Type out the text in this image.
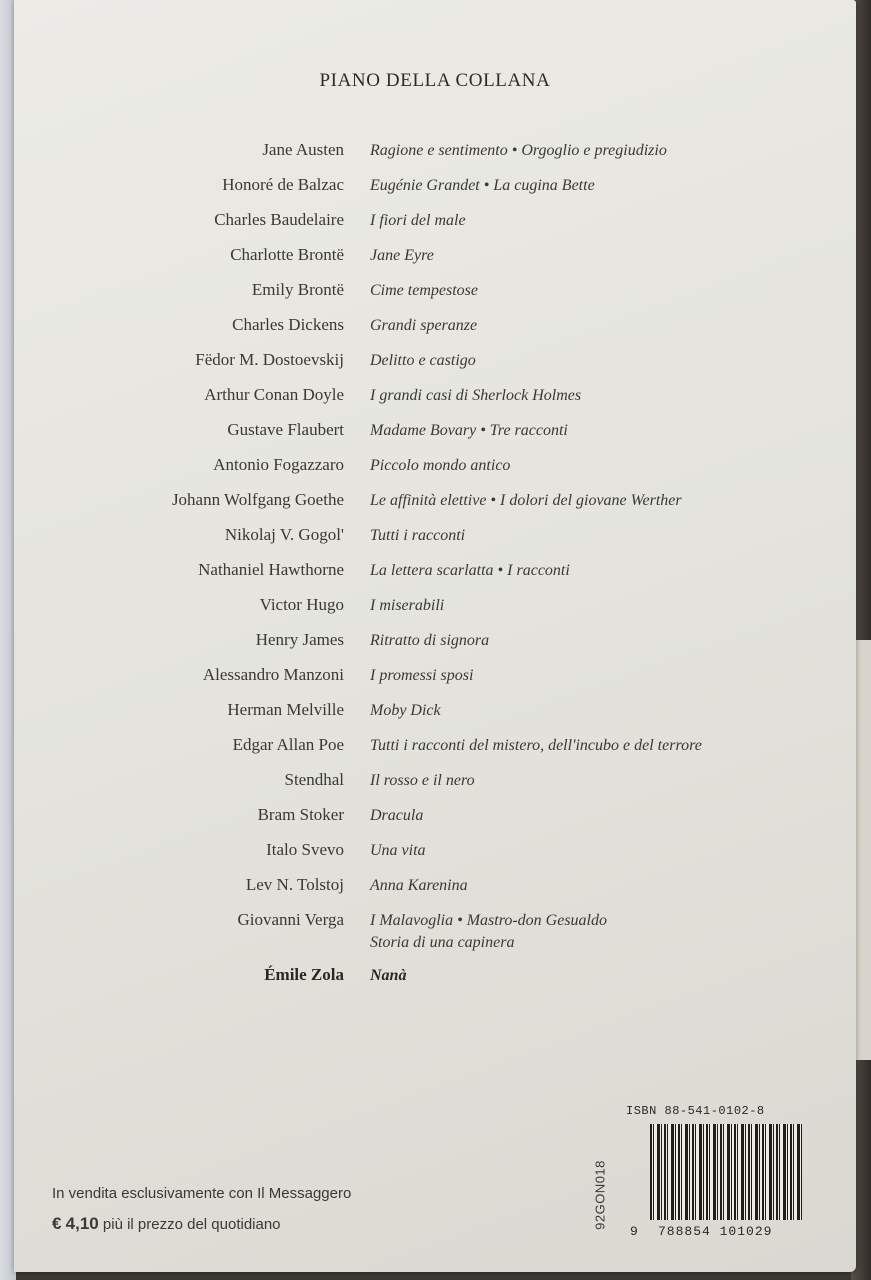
PIANO DELLA COLLANA
Jane Austen Ragione e sentimento • Orgoglio e pregiudizio
Honoré de Balzac Eugénie Grandet • La cugina Bette
Charles Baudelaire I fiori del male
Charlotte Brontë Jane Eyre
Emily Brontë Cime tempestose
Charles Dickens Grandi speranze
Fëdor M. Dostoevskij Delitto e castigo
Arthur Conan Doyle I grandi casi di Sherlock Holmes
Gustave Flaubert Madame Bovary • Tre racconti
Antonio Fogazzaro Piccolo mondo antico
Johann Wolfgang Goethe Le affinità elettive • I dolori del giovane Werther
Nikolaj V. Gogol' Tutti i racconti
Nathaniel Hawthorne La lettera scarlatta • I racconti
Victor Hugo I miserabili
Henry James Ritratto di signora
Alessandro Manzoni I promessi sposi
Herman Melville Moby Dick
Edgar Allan Poe Tutti i racconti del mistero, dell'incubo e del terrore
Stendhal Il rosso e il nero
Bram Stoker Dracula
Italo Svevo Una vita
Lev N. Tolstoj Anna Karenina
Giovanni Verga I Malavoglia • Mastro-don Gesualdo
Storia di una capinera
Émile Zola Nanà
In vendita esclusivamente con Il Messaggero
€ 4,10 più il prezzo del quotidiano	92GON018
ISBN 88-541-0102-8
9 788854 101029
